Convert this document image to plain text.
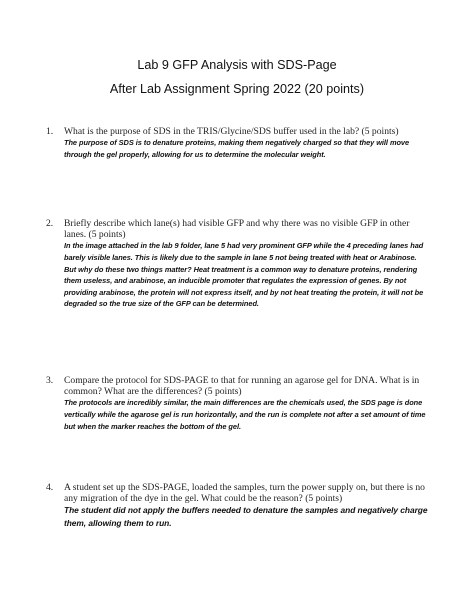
Lab 9 GFP Analysis with SDS-Page
After Lab Assignment Spring 2022 (20 points)
1. What is the purpose of SDS in the TRIS/Glycine/SDS buffer used in the lab? (5 points)
The purpose of SDS is to denature proteins, making them negatively charged so that they will move through the gel properly, allowing for us to determine the molecular weight.
2. Briefly describe which lane(s) had visible GFP and why there was no visible GFP in other lanes. (5 points)
In the image attached in the lab 9 folder, lane 5 had very prominent GFP while the 4 preceding lanes had barely visible lanes. This is likely due to the sample in lane 5 not being treated with heat or Arabinose. But why do these two things matter? Heat treatment is a common way to denature proteins, rendering them useless, and arabinose, an inducible promoter that regulates the expression of genes. By not providing arabinose, the protein will not express itself, and by not heat treating the protein, it will not be degraded so the true size of the GFP can be determined.
3. Compare the protocol for SDS-PAGE to that for running an agarose gel for DNA. What is in common? What are the differences? (5 points)
The protocols are incredibly similar, the main differences are the chemicals used, the SDS page is done vertically while the agarose gel is run horizontally, and the run is complete not after a set amount of time but when the marker reaches the bottom of the gel.
4. A student set up the SDS-PAGE, loaded the samples, turn the power supply on, but there is no any migration of the dye in the gel. What could be the reason? (5 points)
The student did not apply the buffers needed to denature the samples and negatively charge them, allowing them to run.
